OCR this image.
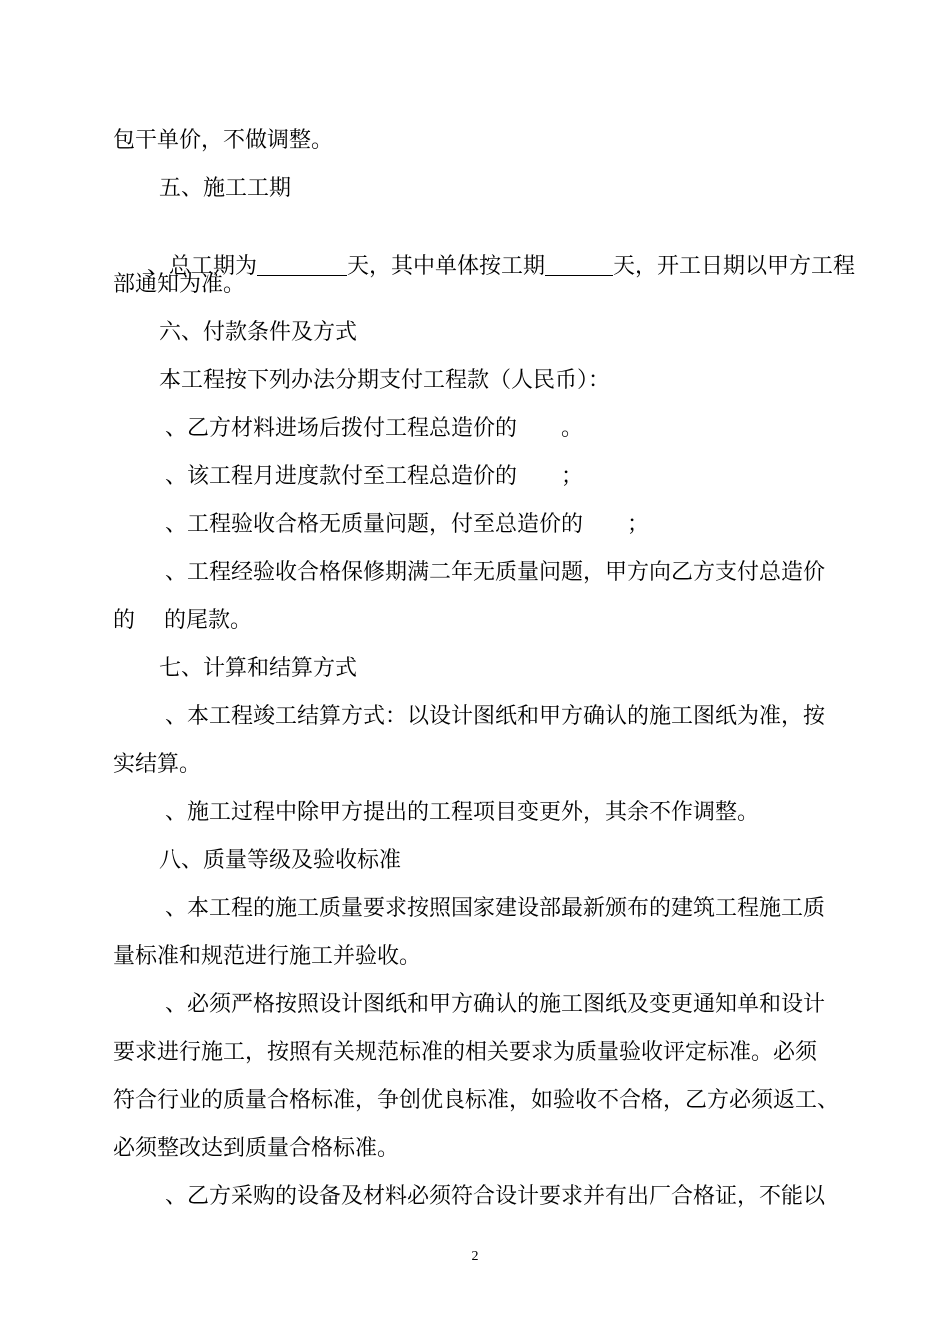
包干单价，不做调整。
五、施工工期

、总工期为	天，其中单体按工期	天，开工日期以甲方工程

部通知为准。
六、付款条件及方式
本工程按下列办法分期支付工程款（人民币）：
、乙方材料进场后拨付工程总造价的　　。
、该工程月进度款付至工程总造价的　　；
、工程验收合格无质量问题，付至总造价的　　；
、工程经验收合格保修期满二年无质量问题，甲方向乙方支付总造价
的　 的尾款。
七、计算和结算方式
、本工程竣工结算方式：以设计图纸和甲方确认的施工图纸为准，按
实结算。
、施工过程中除甲方提出的工程项目变更外，其余不作调整。
八、质量等级及验收标准
、本工程的施工质量要求按照国家建设部最新颁布的建筑工程施工质
量标准和规范进行施工并验收。
、必须严格按照设计图纸和甲方确认的施工图纸及变更通知单和设计
要求进行施工，按照有关规范标准的相关要求为质量验收评定标准。必须
符合行业的质量合格标准，争创优良标准，如验收不合格，乙方必须返工、
必须整改达到质量合格标准。
、乙方采购的设备及材料必须符合设计要求并有出厂合格证，不能以
2
